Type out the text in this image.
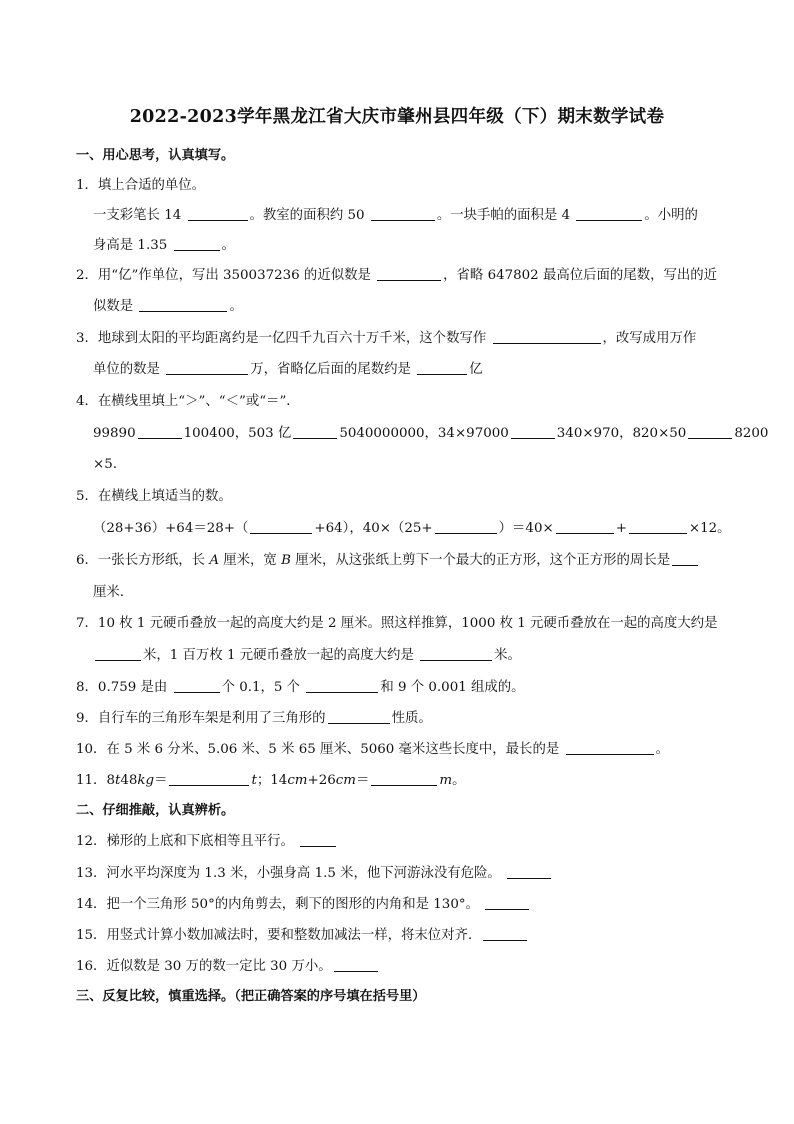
2022-2023学年黑龙江省大庆市肇州县四年级（下）期末数学试卷
一、用心思考，认真填写。
1．填上合适的单位。
一支彩笔长 14	。教室的面积约 50	。一块手帕的面积是 4	。小明的
身高是 1.35	。
2．用“亿”作单位，写出 350037236 的近似数是	，省略 647802 最高位后面的尾数，写出的近
似数是	。
3．地球到太阳的平均距离约是一亿四千九百六十万千米，这个数写作	，改写成用万作
单位的数是	万，省略亿后面的尾数约是	亿
4．在横线里填上“＞”、“＜”或“＝”．
99890	100400，503 亿	5040000000，34×97000	340×970，820×50	8200
×5.
5．在横线上填适当的数。
（28+36）+64＝28+（	+64），40×（25+	）＝40×	+	×12。
6．一张长方形纸，长 A 厘米，宽 B 厘米，从这张纸上剪下一个最大的正方形，这个正方形的周长是
厘米.
7．10 枚 1 元硬币叠放一起的高度大约是 2 厘米。照这样推算，1000 枚 1 元硬币叠放在一起的高度大约是
米，1 百万枚 1 元硬币叠放一起的高度大约是	米。
8．0.759 是由	个 0.1，5 个	和 9 个 0.001 组成的。
9．自行车的三角形车架是利用了三角形的	性质。
10．在 5 米 6 分米、5.06 米、5 米 65 厘米、5060 毫米这些长度中，最长的是	。
11．8t48kg＝	t；14cm+26cm＝	m。
二、仔细推敲，认真辨析。
12．梯形的上底和下底相等且平行。
13．河水平均深度为 1.3 米，小强身高 1.5 米，他下河游泳没有危险。
14．把一个三角形 50°的内角剪去，剩下的图形的内角和是 130°。
15．用竖式计算小数加减法时，要和整数加减法一样，将末位对齐．
16．近似数是 30 万的数一定比 30 万小。
三、反复比较，慎重选择。（把正确答案的序号填在括号里）
